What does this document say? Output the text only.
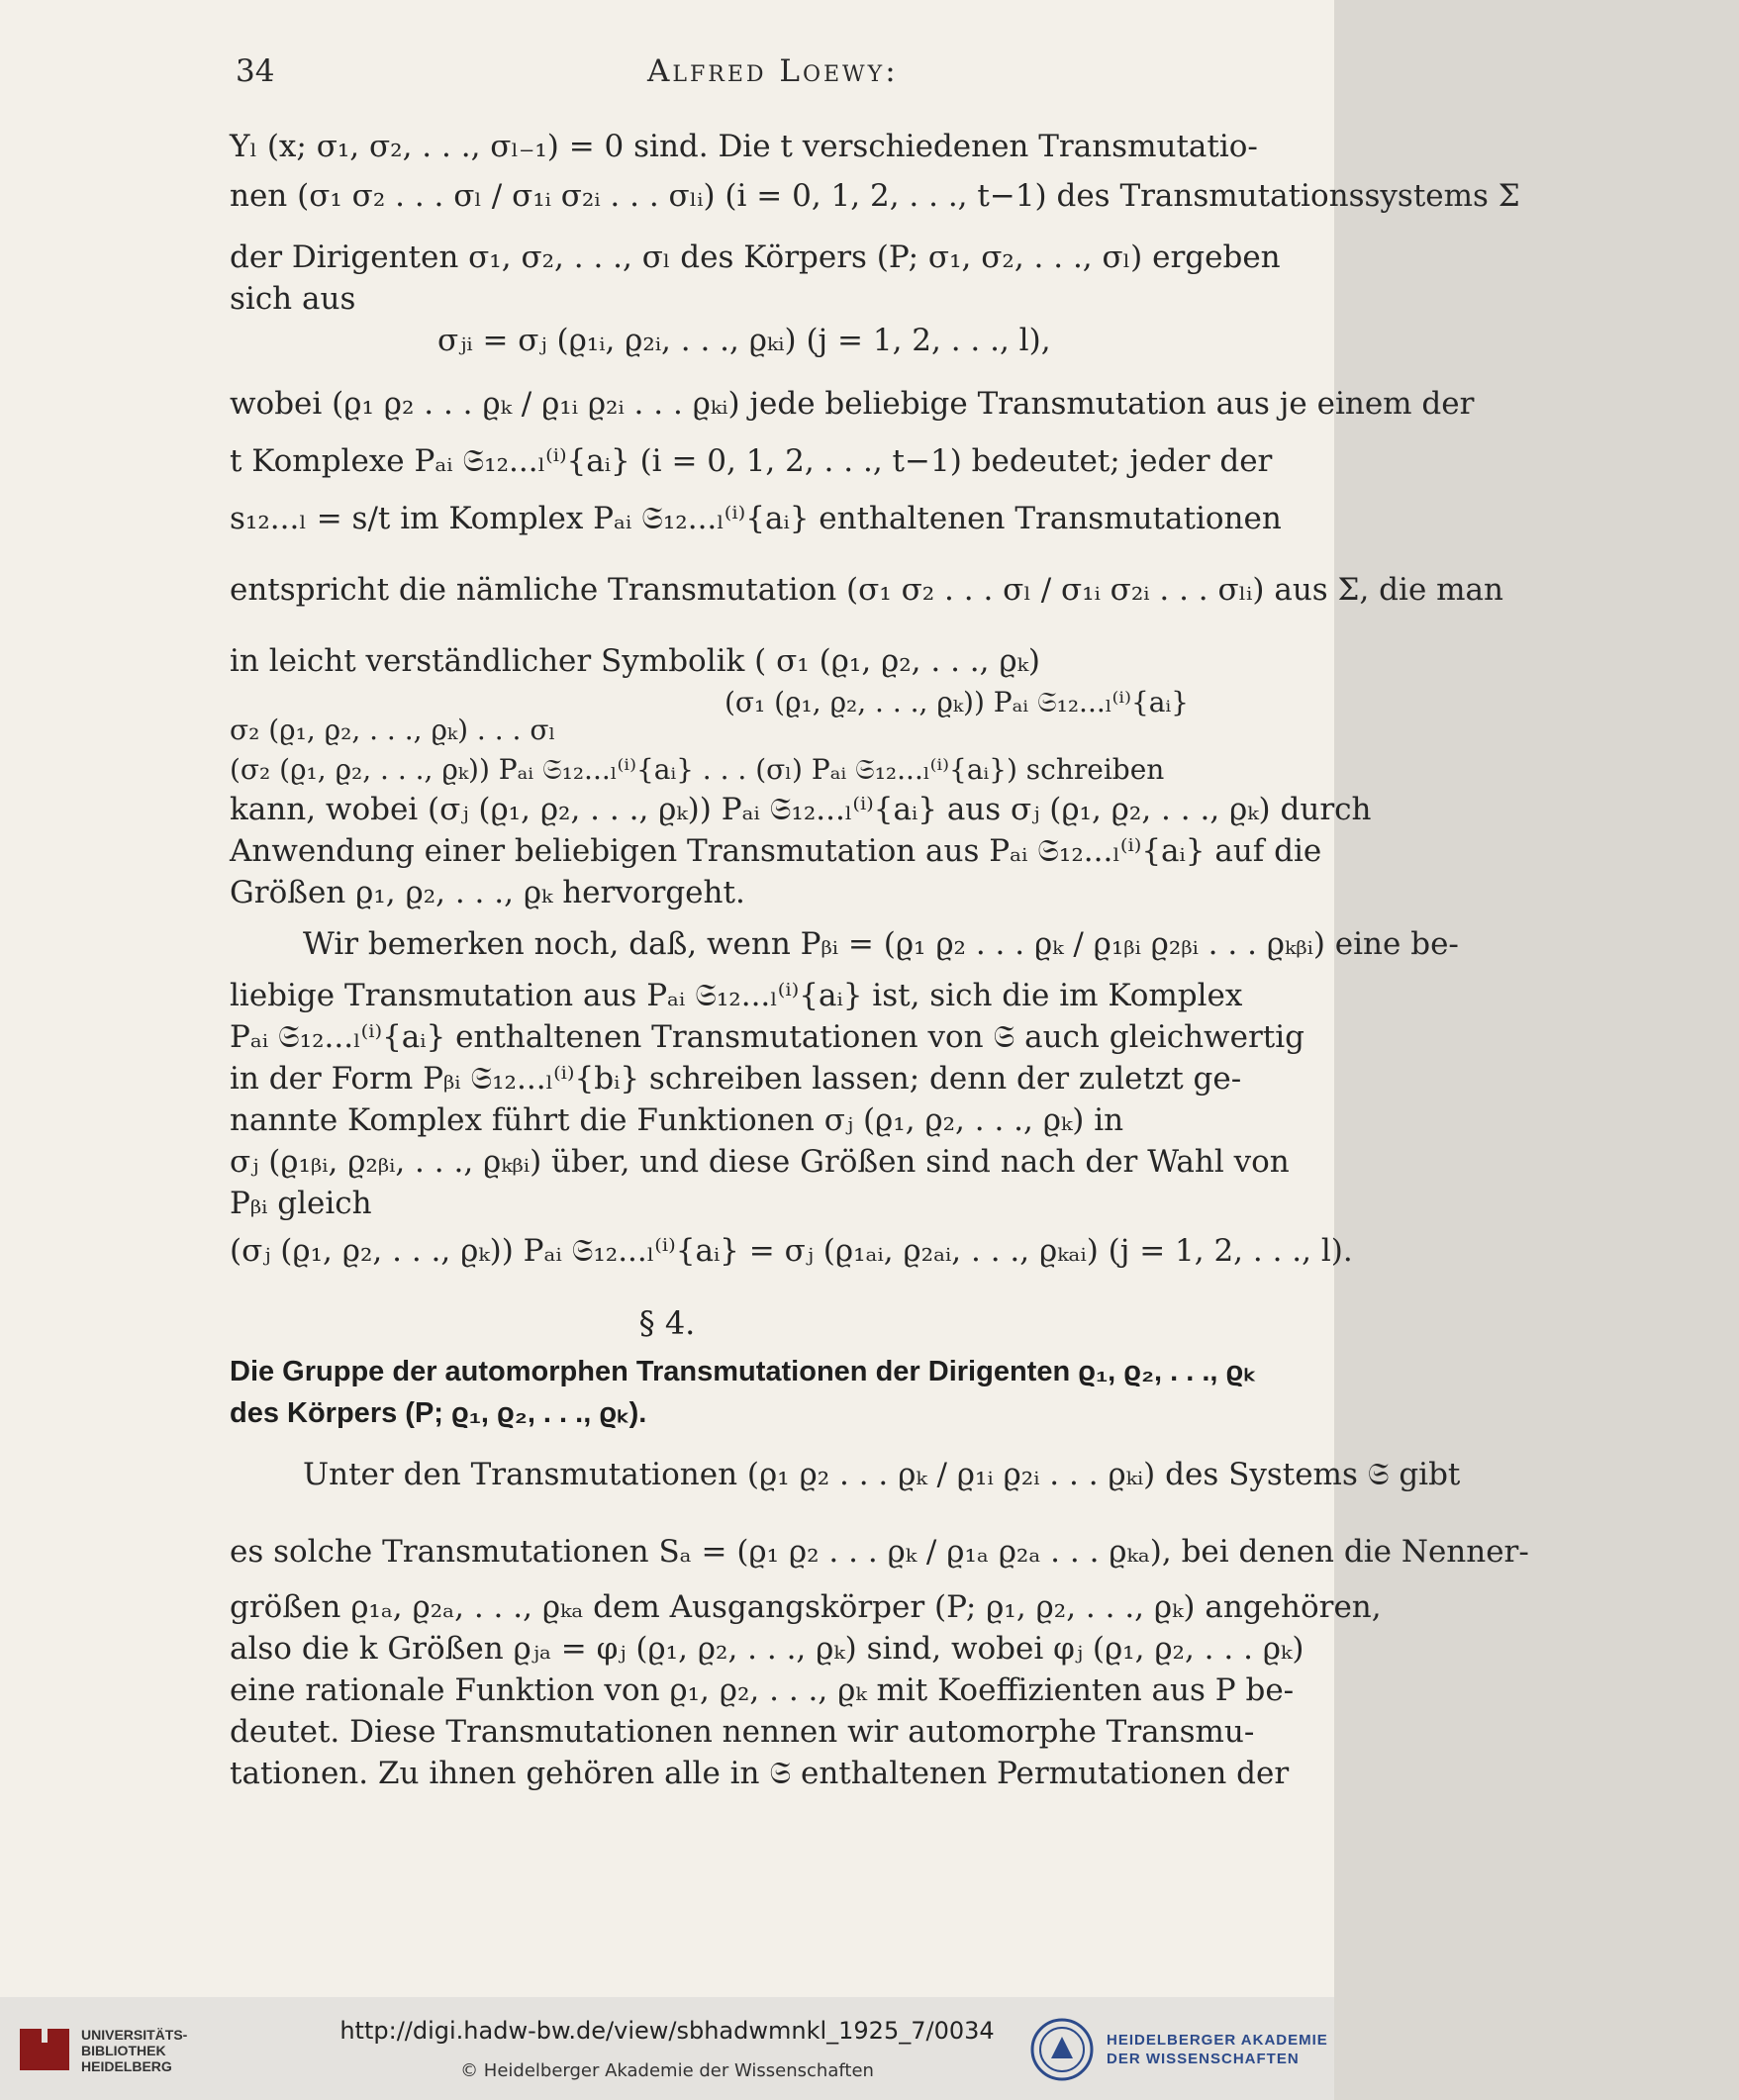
34	Alfred Loewy:
Yₗ (x; σ₁, σ₂, . . ., σₗ₋₁) = 0 sind. Die t verschiedenen Transmutatio-
nen (σ₁ σ₂ . . . σₗ / σ₁ᵢ σ₂ᵢ . . . σₗᵢ) (i = 0, 1, 2, . . ., t−1) des Transmutationssystems Σ
der Dirigenten σ₁, σ₂, . . ., σₗ des Körpers (P; σ₁, σ₂, . . ., σₗ) ergeben
sich aus
σⱼᵢ = σⱼ (ϱ₁ᵢ, ϱ₂ᵢ, . . ., ϱₖᵢ) (j = 1, 2, . . ., l),
wobei (ϱ₁ ϱ₂ . . . ϱₖ / ϱ₁ᵢ ϱ₂ᵢ . . . ϱₖᵢ) jede beliebige Transmutation aus je einem der
t Komplexe Pₐᵢ 𝔖₁₂...ₗ⁽ⁱ⁾{aᵢ} (i = 0, 1, 2, . . ., t−1) bedeutet; jeder der
s₁₂...ₗ = s/t im Komplex Pₐᵢ 𝔖₁₂...ₗ⁽ⁱ⁾{aᵢ} enthaltenen Transmutationen
entspricht die nämliche Transmutation (σ₁ σ₂ . . . σₗ / σ₁ᵢ σ₂ᵢ . . . σₗᵢ) aus Σ, die man
in leicht verständlicher Symbolik ( σ₁ (ϱ₁, ϱ₂, . . ., ϱₖ)
(σ₁ (ϱ₁, ϱ₂, . . ., ϱₖ)) Pₐᵢ 𝔖₁₂...ₗ⁽ⁱ⁾{aᵢ}
σ₂ (ϱ₁, ϱ₂, . . ., ϱₖ) . . . σₗ
(σ₂ (ϱ₁, ϱ₂, . . ., ϱₖ)) Pₐᵢ 𝔖₁₂...ₗ⁽ⁱ⁾{aᵢ} . . . (σₗ) Pₐᵢ 𝔖₁₂...ₗ⁽ⁱ⁾{aᵢ}) schreiben
kann, wobei (σⱼ (ϱ₁, ϱ₂, . . ., ϱₖ)) Pₐᵢ 𝔖₁₂...ₗ⁽ⁱ⁾{aᵢ} aus σⱼ (ϱ₁, ϱ₂, . . ., ϱₖ) durch
Anwendung einer beliebigen Transmutation aus Pₐᵢ 𝔖₁₂...ₗ⁽ⁱ⁾{aᵢ} auf die
Größen ϱ₁, ϱ₂, . . ., ϱₖ hervorgeht.
Wir bemerken noch, daß, wenn Pᵦᵢ = (ϱ₁ ϱ₂ . . . ϱₖ / ϱ₁ᵦᵢ ϱ₂ᵦᵢ . . . ϱₖᵦᵢ) eine be-
liebige Transmutation aus Pₐᵢ 𝔖₁₂...ₗ⁽ⁱ⁾{aᵢ} ist, sich die im Komplex
Pₐᵢ 𝔖₁₂...ₗ⁽ⁱ⁾{aᵢ} enthaltenen Transmutationen von 𝔖 auch gleichwertig
in der Form Pᵦᵢ 𝔖₁₂...ₗ⁽ⁱ⁾{bᵢ} schreiben lassen; denn der zuletzt ge-
nannte Komplex führt die Funktionen σⱼ (ϱ₁, ϱ₂, . . ., ϱₖ) in
σⱼ (ϱ₁ᵦᵢ, ϱ₂ᵦᵢ, . . ., ϱₖᵦᵢ) über, und diese Größen sind nach der Wahl von
Pᵦᵢ gleich
(σⱼ (ϱ₁, ϱ₂, . . ., ϱₖ)) Pₐᵢ 𝔖₁₂...ₗ⁽ⁱ⁾{aᵢ} = σⱼ (ϱ₁ₐᵢ, ϱ₂ₐᵢ, . . ., ϱₖₐᵢ) (j = 1, 2, . . ., l).
§ 4.
Die Gruppe der automorphen Transmutationen der Dirigenten ϱ₁, ϱ₂, . . ., ϱₖ
des Körpers (P; ϱ₁, ϱ₂, . . ., ϱₖ).
Unter den Transmutationen (ϱ₁ ϱ₂ . . . ϱₖ / ϱ₁ᵢ ϱ₂ᵢ . . . ϱₖᵢ) des Systems 𝔖 gibt
es solche Transmutationen Sₐ = (ϱ₁ ϱ₂ . . . ϱₖ / ϱ₁ₐ ϱ₂ₐ . . . ϱₖₐ), bei denen die Nenner-
größen ϱ₁ₐ, ϱ₂ₐ, . . ., ϱₖₐ dem Ausgangskörper (P; ϱ₁, ϱ₂, . . ., ϱₖ) angehören,
also die k Größen ϱⱼₐ = φⱼ (ϱ₁, ϱ₂, . . ., ϱₖ) sind, wobei φⱼ (ϱ₁, ϱ₂, . . . ϱₖ)
eine rationale Funktion von ϱ₁, ϱ₂, . . ., ϱₖ mit Koeffizienten aus P be-
deutet. Diese Transmutationen nennen wir automorphe Transmu-
tationen. Zu ihnen gehören alle in 𝔖 enthaltenen Permutationen der
UNIVERSITÄTS-
BIBLIOTHEK
HEIDELBERG
http://digi.hadw-bw.de/view/sbhadwmnkl_1925_7/0034
© Heidelberger Akademie der Wissenschaften
HEIDELBERGER AKADEMIE
DER WISSENSCHAFTEN
